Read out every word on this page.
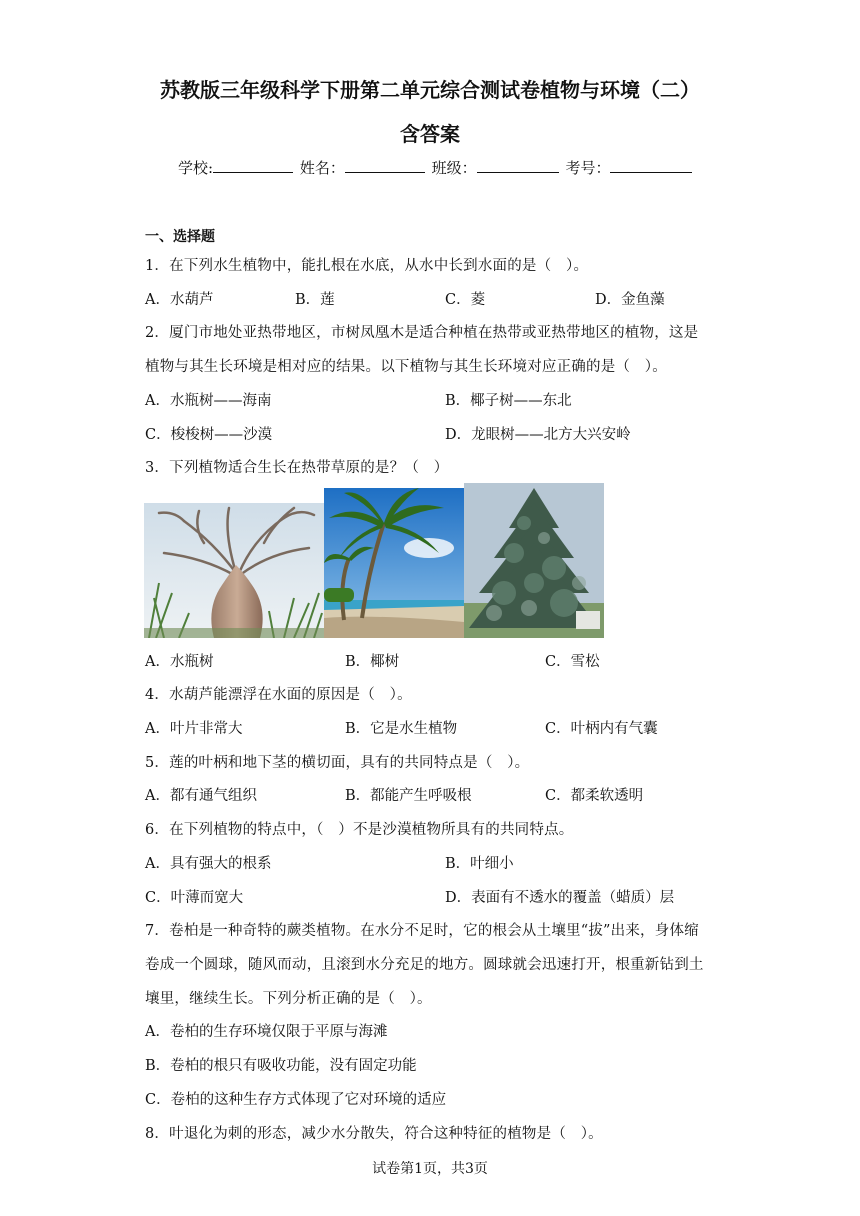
苏教版三年级科学下册第二单元综合测试卷植物与环境（二）
含答案
学校:	姓名：	班级：	考号：
一、选择题
1．在下列水生植物中，能扎根在水底，从水中长到水面的是（　）。
A．水葫芦	B．莲	C．菱	D．金鱼藻
2．厦门市地处亚热带地区，市树凤凰木是适合种植在热带或亚热带地区的植物，这是
植物与其生长环境是相对应的结果。以下植物与其生长环境对应正确的是（　）。
A．水瓶树——海南	B．椰子树——东北
C．梭梭树——沙漠	D．龙眼树——北方大兴安岭
3．下列植物适合生长在热带草原的是？（　）
A．水瓶树	B．椰树	C．雪松
4．水葫芦能漂浮在水面的原因是（　）。
A．叶片非常大	B．它是水生植物	C．叶柄内有气囊
5．莲的叶柄和地下茎的横切面，具有的共同特点是（　）。
A．都有通气组织	B．都能产生呼吸根	C．都柔软透明
6．在下列植物的特点中，（　）不是沙漠植物所具有的共同特点。
A．具有强大的根系	B．叶细小
C．叶薄而宽大	D．表面有不透水的覆盖（蜡质）层
7．卷柏是一种奇特的蕨类植物。在水分不足时，它的根会从土壤里“拔”出来，身体缩
卷成一个圆球，随风而动，且滚到水分充足的地方。圆球就会迅速打开，根重新钻到土
壤里，继续生长。下列分析正确的是（　）。
A．卷柏的生存环境仅限于平原与海滩
B．卷柏的根只有吸收功能，没有固定功能
C．卷柏的这种生存方式体现了它对环境的适应
8．叶退化为刺的形态，减少水分散失，符合这种特征的植物是（　）。
试卷第1页，共3页
